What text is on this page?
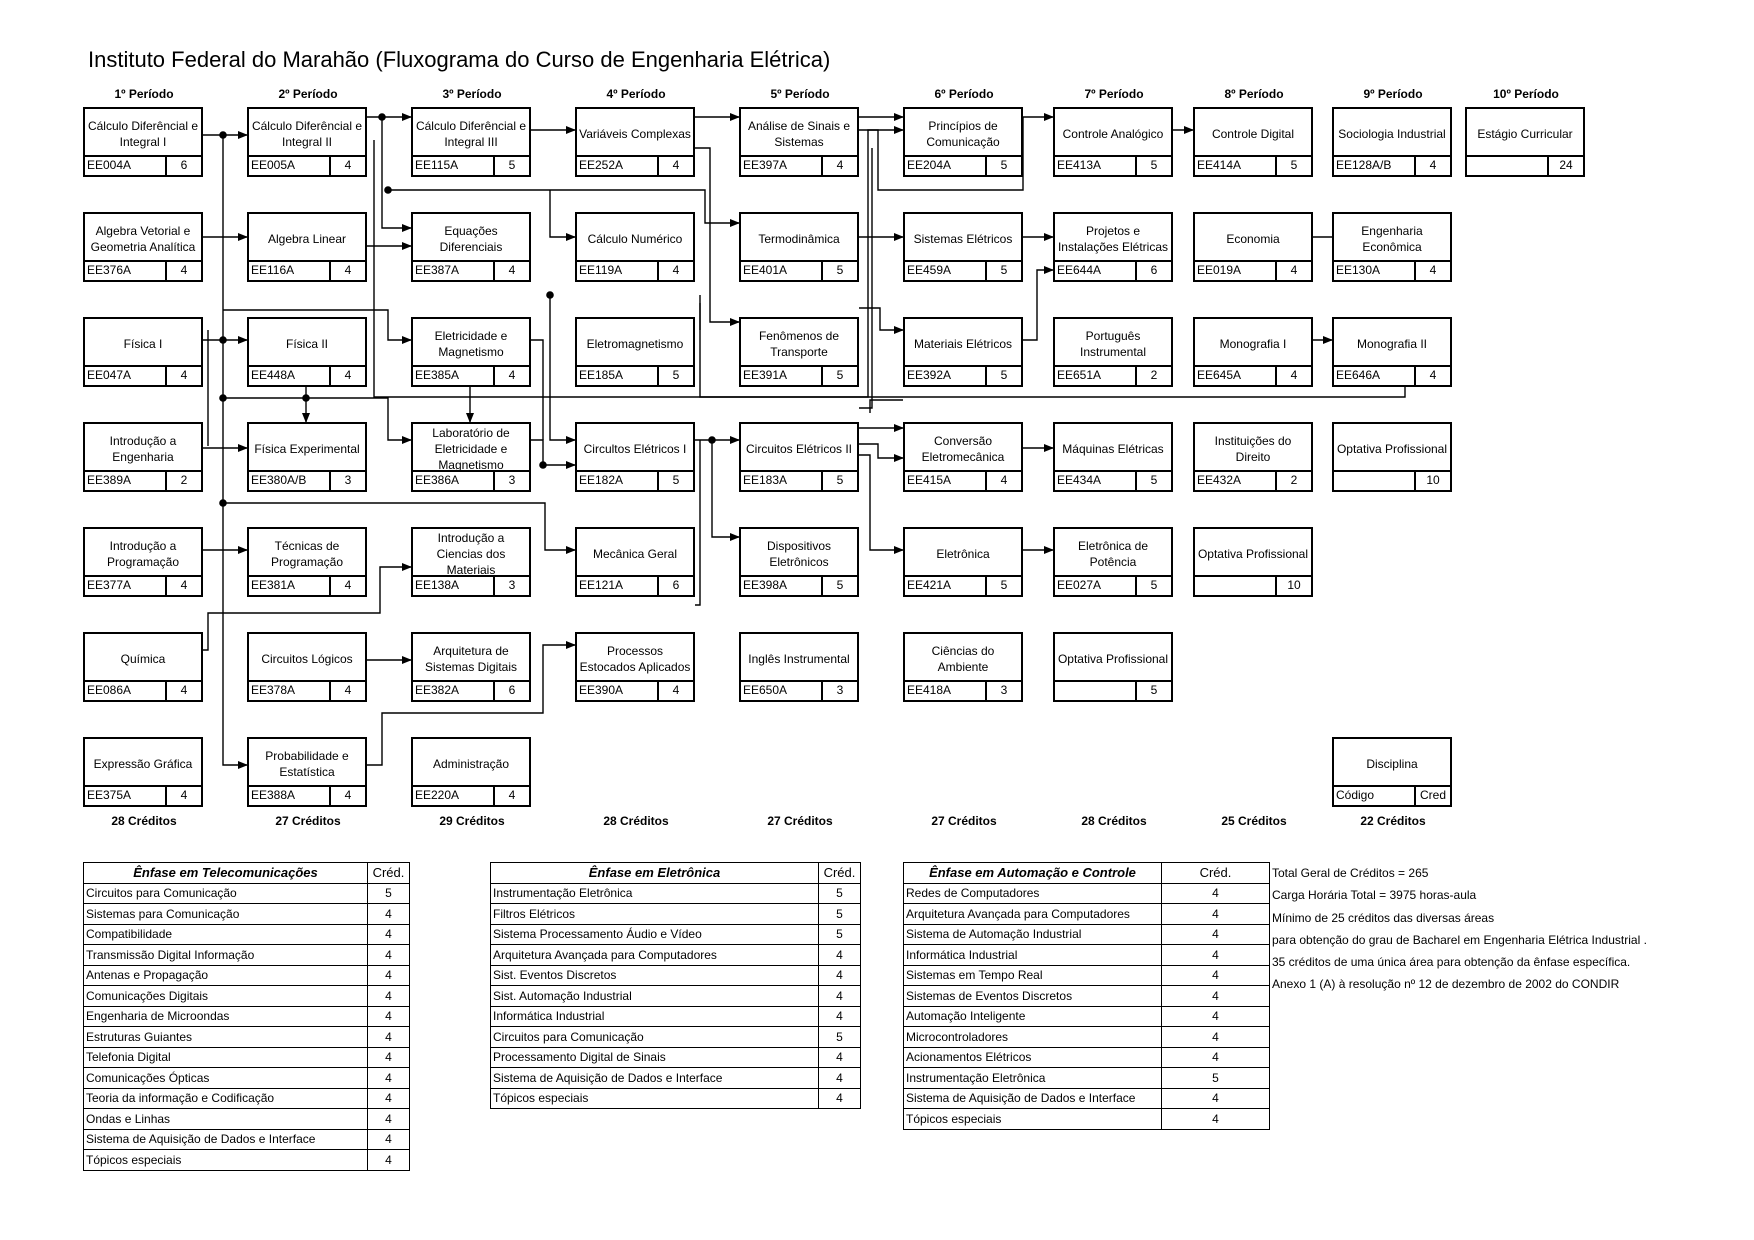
Instituto Federal do Marahão (Fluxograma do Curso de Engenharia Elétrica)
1º Período	2º Período	3º Período	4º Período	5º Período	6º Período	7º Período	8º Período	9º Período	10º Período
Cálculo Diferêncial e Integral I
EE004A	6
Algebra Vetorial e Geometria Analítica
EE376A	4
Física I
EE047A	4
Introdução a Engenharia
EE389A	2
Introdução a Programação
EE377A	4
Química
EE086A	4
Expressão Gráfica
EE375A	4
Cálculo Diferêncial e Integral II
EE005A	4
Algebra Linear
EE116A	4
Física II
EE448A	4
Física Experimental
EE380A/B	3
Técnicas de Programação
EE381A	4
Circuitos Lógicos
EE378A	4
Probabilidade e Estatística
EE388A	4
Cálculo Diferêncial e Integral III
EE115A	5
Equações Diferenciais
EE387A	4
Eletricidade e Magnetismo
EE385A	4
Laboratório de Eletricidade e Magnetismo
EE386A	3
Introdução a Ciencias dos Materiais
EE138A	3
Arquitetura de Sistemas Digitais
EE382A	6
Administração
EE220A	4
Variáveis Complexas
EE252A	4
Cálculo Numérico
EE119A	4
Eletromagnetismo
EE185A	5
Circultos Elétricos I
EE182A	5
Mecânica Geral
EE121A	6
Processos Estocados Aplicados
EE390A	4
Análise de Sinais e Sistemas
EE397A	4
Termodinâmica
EE401A	5
Fenômenos de Transporte
EE391A	5
Circuitos Elétricos II
EE183A	5
Dispositivos Eletrônicos
EE398A	5
Inglês Instrumental
EE650A	3
Princípios de Comunicação
EE204A	5
Sistemas Elétricos
EE459A	5
Materiais Elétricos
EE392A	5
Conversão Eletromecânica
EE415A	4
Eletrônica
EE421A	5
Ciências do Ambiente
EE418A	3
Controle Analógico
EE413A	5
Projetos e Instalações Elétricas
EE644A	6
Português Instrumental
EE651A	2
Máquinas Elétricas
EE434A	5
Eletrônica de Potência
EE027A	5
Optativa Profissional
5
Controle Digital
EE414A	5
Economia
EE019A	4
Monografia I
EE645A	4
Instituições do Direito
EE432A	2
Optativa Profissional
10
Sociologia Industrial
EE128A/B	4
Engenharia Econômica
EE130A	4
Monografia II
EE646A	4
Optativa Profissional
10
Disciplina
Código	Cred
Estágio Curricular
24
28 Créditos	27 Créditos	29 Créditos	28 Créditos	27 Créditos	27 Créditos	28 Créditos	25 Créditos	22 Créditos
Ênfase em Telecomunicações	Créd.
Circuitos para Comunicação	5
Sistemas para Comunicação	4
Compatibilidade	4
Transmissão Digital Informação	4
Antenas e Propagação	4
Comunicações Digitais	4
Engenharia de Microondas	4
Estruturas Guiantes	4
Telefonia Digital	4
Comunicações Ópticas	4
Teoria da informação e Codificação	4
Ondas e Linhas	4
Sistema de Aquisição de Dados e Interface	4
Tópicos especiais	4
Ênfase em Eletrônica	Créd.
Instrumentação Eletrônica	5
Filtros Elétricos	5
Sistema Processamento Áudio e Vídeo	5
Arquitetura Avançada para Computadores	4
Sist. Eventos Discretos	4
Sist. Automação Industrial	4
Informática Industrial	4
Circuitos para Comunicação	5
Processamento Digital de Sinais	4
Sistema de Aquisição de Dados e Interface	4
Tópicos especiais	4
Ênfase em Automação e Controle	Créd.
Redes de Computadores	4
Arquitetura Avançada para Computadores	4
Sistema de Automação Industrial	4
Informática Industrial	4
Sistemas em Tempo Real	4
Sistemas de Eventos Discretos	4
Automação Inteligente	4
Microcontroladores	4
Acionamentos Elétricos	4
Instrumentação Eletrônica	5
Sistema de Aquisição de Dados e Interface	4
Tópicos especiais	4
Total Geral de Créditos = 265
Carga Horária Total = 3975 horas-aula
Mínimo de 25 créditos das diversas áreas
para obtenção do grau de Bacharel em Engenharia Elétrica Industrial .
35 créditos de uma única área para obtenção da ênfase específica.
Anexo 1 (A) à resolução nº 12 de dezembro de 2002 do CONDIR
